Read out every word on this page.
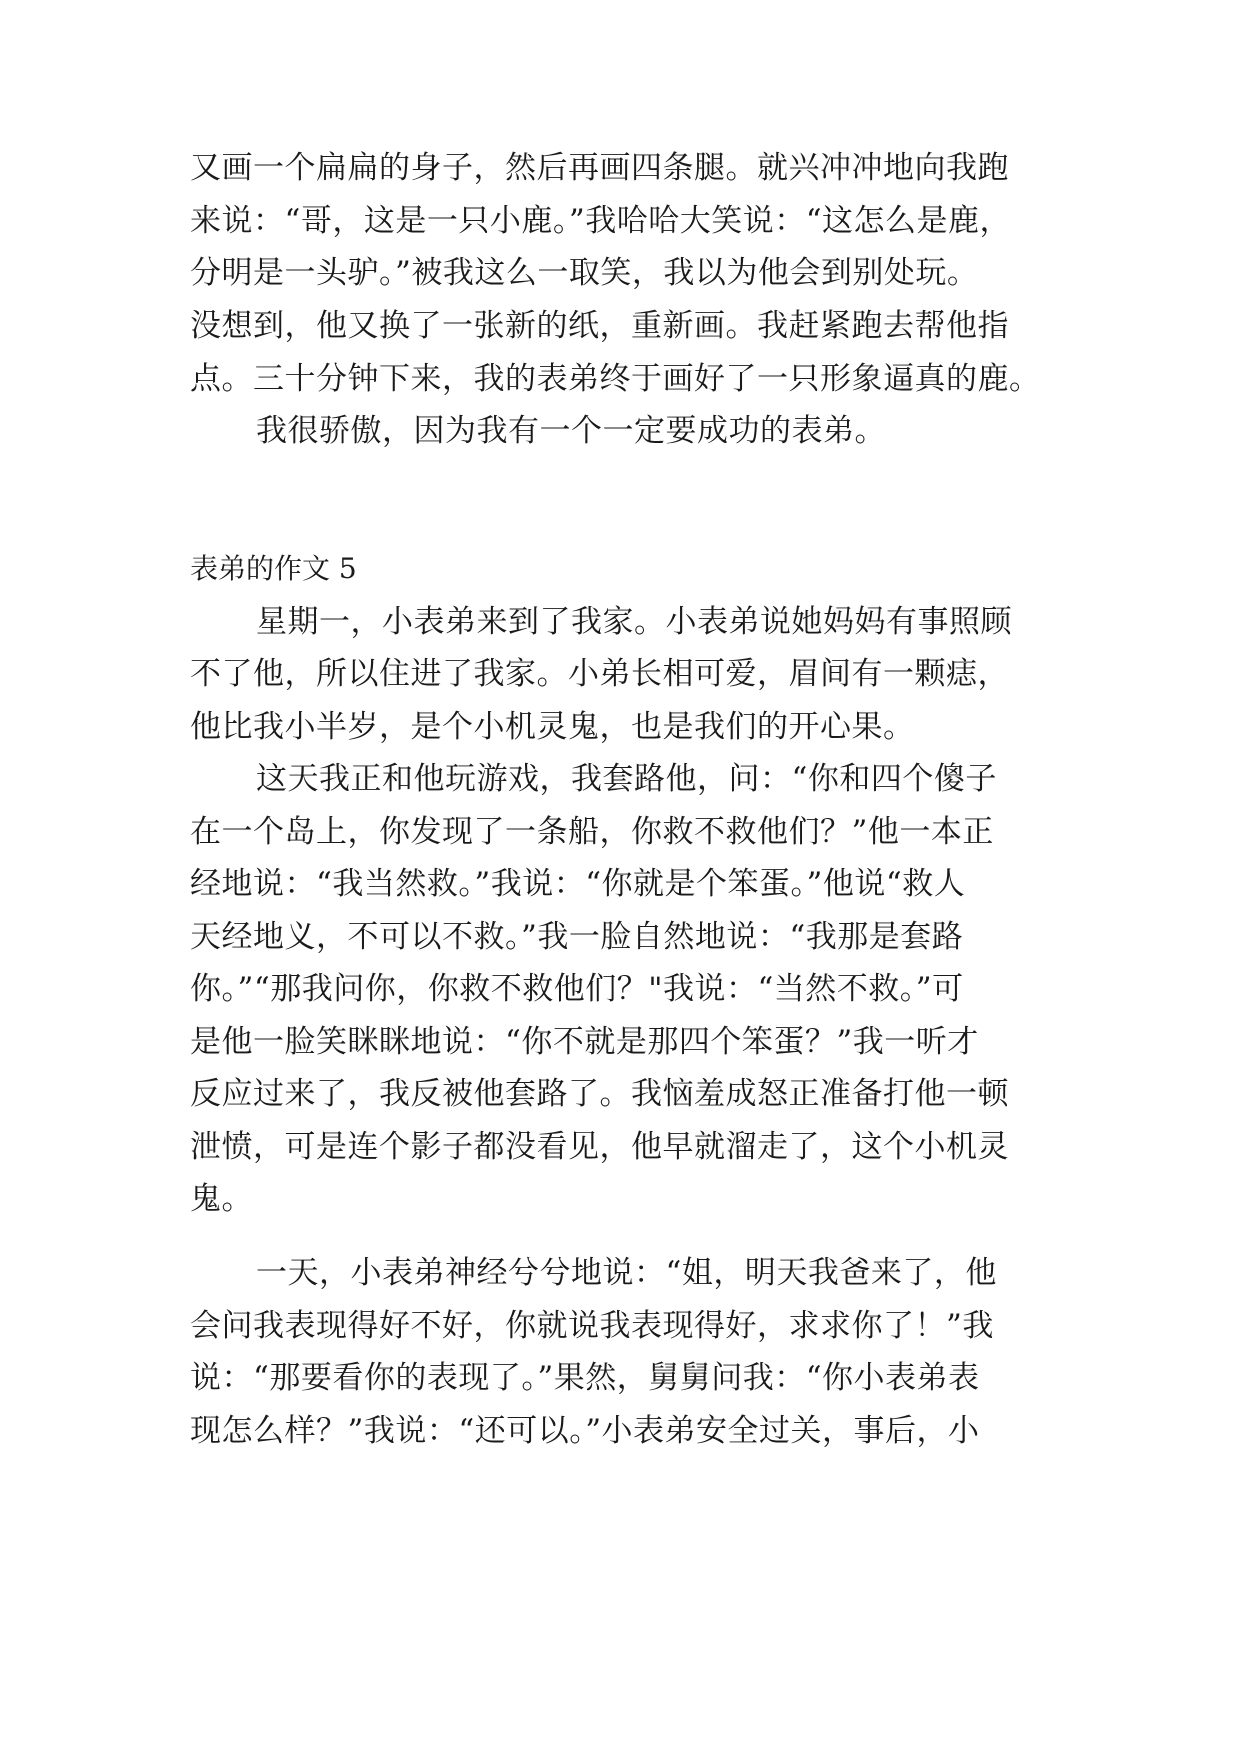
又画一个扁扁的身子，然后再画四条腿。就兴冲冲地向我跑
来说：“哥，这是一只小鹿。”我哈哈大笑说：“这怎么是鹿，
分明是一头驴。”被我这么一取笑，我以为他会到别处玩。
没想到，他又换了一张新的纸，重新画。我赶紧跑去帮他指
点。三十分钟下来，我的表弟终于画好了一只形象逼真的鹿。
我很骄傲，因为我有一个一定要成功的表弟。
表弟的作文 5
星期一，小表弟来到了我家。小表弟说她妈妈有事照顾
不了他，所以住进了我家。小弟长相可爱，眉间有一颗痣，
他比我小半岁，是个小机灵鬼，也是我们的开心果。
这天我正和他玩游戏，我套路他，问：“你和四个傻子
在一个岛上，你发现了一条船，你救不救他们？”他一本正
经地说：“我当然救。”我说：“你就是个笨蛋。”他说“救人
天经地义，不可以不救。”我一脸自然地说：“我那是套路
你。”“那我问你，你救不救他们？"我说：“当然不救。”可
是他一脸笑眯眯地说：“你不就是那四个笨蛋？”我一听才
反应过来了，我反被他套路了。我恼羞成怒正准备打他一顿
泄愤，可是连个影子都没看见，他早就溜走了，这个小机灵
鬼。
一天，小表弟神经兮兮地说：“姐，明天我爸来了，他
会问我表现得好不好，你就说我表现得好，求求你了！”我
说：“那要看你的表现了。”果然，舅舅问我：“你小表弟表
现怎么样？”我说：“还可以。”小表弟安全过关，事后，小
